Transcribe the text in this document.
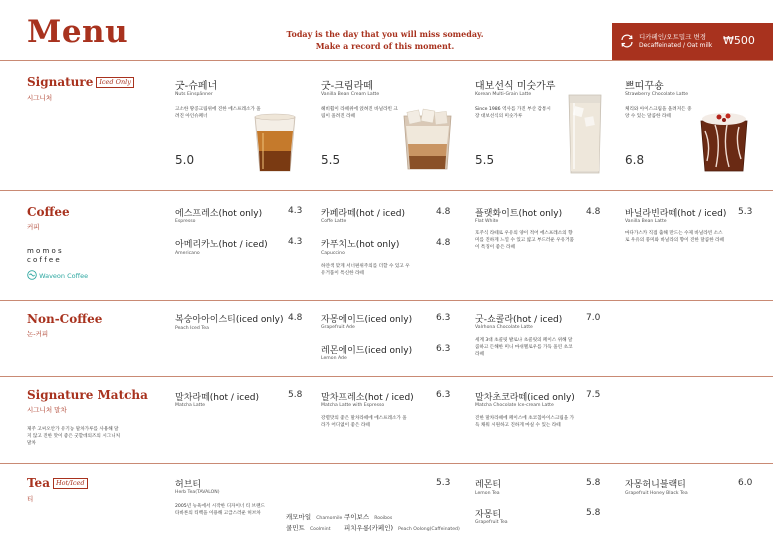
Menu	Today is the day that you will miss someday.
Make a record of this moment.
디카페인/오트밀크 변경
Decaffeinated / Oat milk ₩500
Signature Iced Only
시그니처
굿-슈페너
Nuts Einspänner
고소한 땅콩크림위에 진한 에스프레소가 올려진 아인슈페너
5.0
굿-크림라떼
Vanilla Bean Cream Latte
헤비휩이 라떼위에 얹혀진 바닐라빈 크림이 올려진 라떼
5.5
대보선식 미숫가루
Korean Multi-Grain Latte
Since 1986 역사를 가진 부산 감통시장 대보선식의 미숫가루
5.5
쁘띠꾸숑
Strawberry Chocolate Latte
체리와 아이스크림을 올려져든 중앙 수 있는 달콤한 라떼
6.8
Coffee
커피
momos
coffee
Waveon Coffee
에스프레소(hot only)
Espresso
4.3
아메리카노(hot / iced)
Americano
4.3
카페라떼(hot / iced)
Coffe Latte
4.8
카푸치노(hot only)
Capuccino
하얀색 맞게 서너편위주의를 더할 수 있고 우유거품이 특신한 라떼
4.8
플랫화이트(hot only)
Flat White
호주식 라떼로 우유의 양이 적어 에스프레소의 향미를 진하게 느낄 수 있고 얇고 부드러운 우유거품이 특징이 좋은 라떼
4.8	바닐라빈라떼(hot / iced)
Vanilla Bean Latte
마다가스카 직접 출해 만드는 수제 바닐라빈 소스로 우유의 풍미와 바닐라의 향이 진한 달콤한 라떼
5.3
Non-Coffee
논-커피
복숭아아이스티(iced only)
Peach Iced Tea
4.8 자몽에이드(iced only)
Grapefruit Ade
6.3
레몬에이드(iced only)
Lemon Ade
6.3
굿-쇼콜라(hot / iced)
Valrhona Chocolate Latte
세계 3대 초콜릿 발로나 초콜릿의 페이스 위해 달콤하고 든해한 미니 마쉬멜로우를 가득 올린 초코라떼
7.0
Signature Matcha
시그니처 말차
제주 고씨오안가 유기농 말차가루를 사용해 달지 않고 진한 맛이 좋은 굿할데의즈의 시그니처 말차
말차라떼(hot / iced)
Matcha Latte
5.8 말차프레소(hot / iced)
Matcha Latte with Espresso
강렬맛의 좋은 말차라떼에 에스프레소가 올라가 어디없이 좋은 라떼
6.3	말차초코라떼(iced only)
Matcha Chocolate Ice-cream Latte
진한 말차라떼에 페이스에 초코칩아이스크림을 가득 채워 시원하고 진하게 마실 수 있는 라떼
7.5
Tea Hot/Iced
티
허브티
Herb Tea(TAVALON)
2005년 뉴욕에서 시작한 디자이너 티 브랜드 타바론의 티백을 이용해 고급스러운 허브차
5.3
캐모마일 Chamomile 쿠이보스 Rooibos
쿨민트 Coolmint 피치우롱(카페인) Peach Oolong(Caffeinated)
레몬티
Lemon Tea
5.8
자몽티
Grapefruit Tea
5.8
자몽허니블랙티
Grapefruit Honey Black Tea
6.0
